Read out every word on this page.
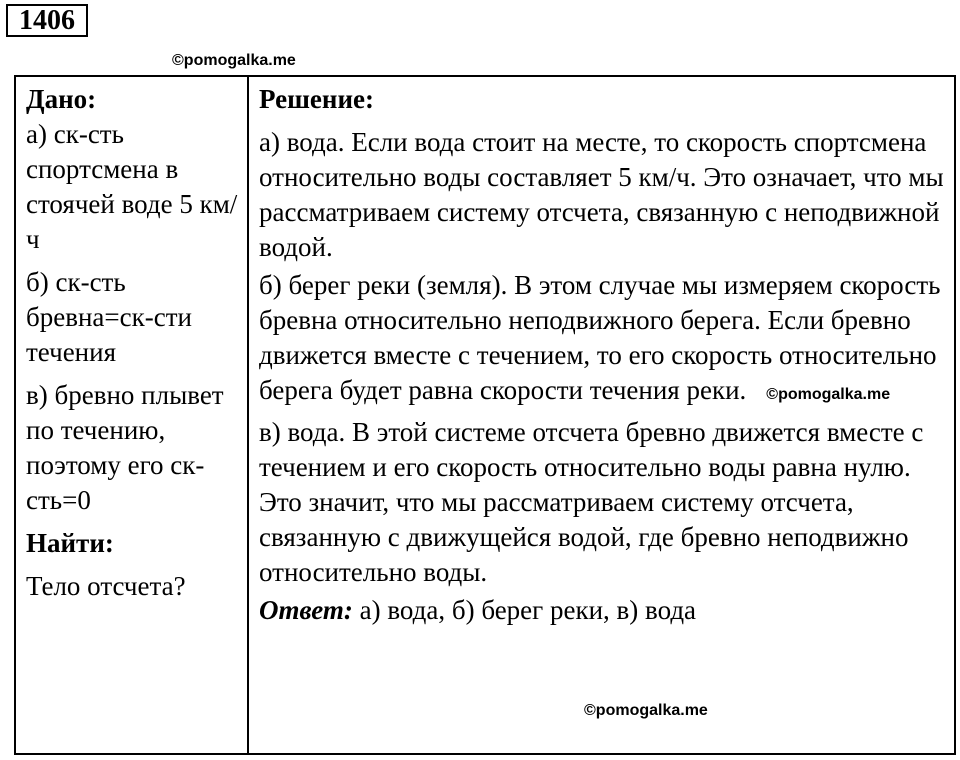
1406
©pomogalka.me

Дано:

а) ск-сть спортсмена в стоячей воде 5 км/ч

б) ск-сть бревна=ск-сти течения

в) бревно плывет по течению, поэтому его ск-сть=0

Найти:

Тело отсчета?

Решение:

а) вода. Если вода стоит на месте, то скорость спортсмена относительно воды составляет 5 км/ч. Это означает, что мы рассматриваем систему отсчета, связанную с неподвижной водой.

б) берег реки (земля). В этом случае мы измеряем скорость бревна относительно неподвижного берега. Если бревно движется вместе с течением, то его скорость относительно берега будет равна скорости течения реки. ©pomogalka.me

в) вода. В этой системе отсчета бревно движется вместе с течением и его скорость относительно воды равна нулю. Это значит, что мы рассматриваем систему отсчета, связанную с движущейся водой, где бревно неподвижно относительно воды.

Ответ: а) вода, б) берег реки, в) вода

©pomogalka.me
